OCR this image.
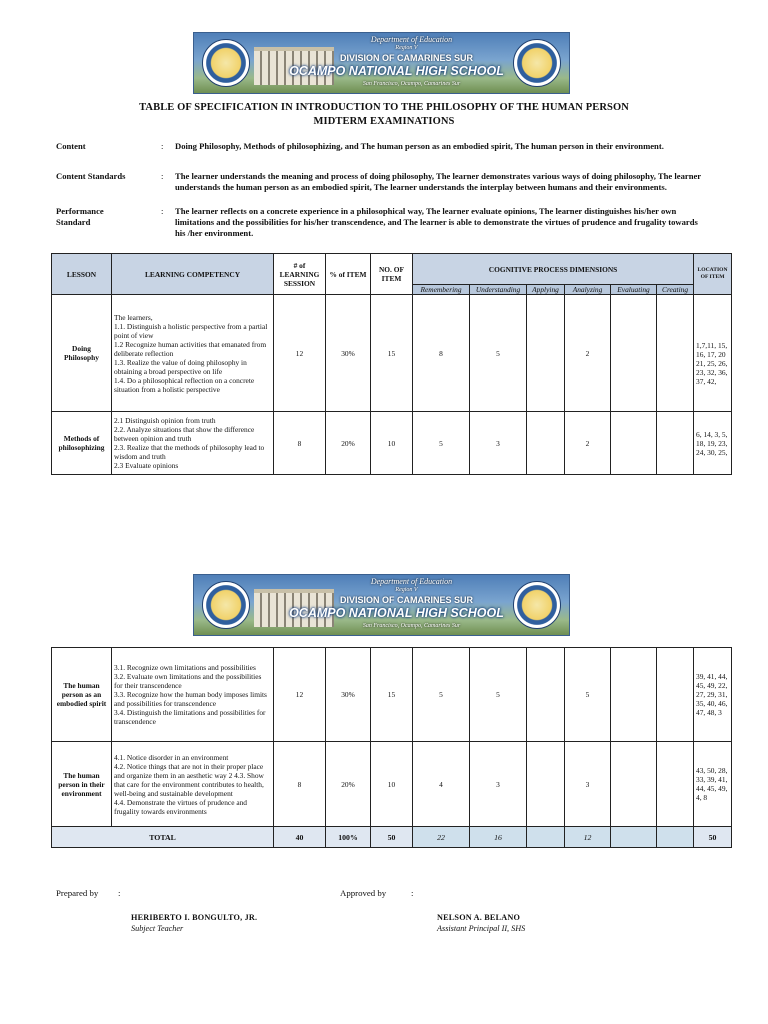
Department of Education
Region V
DIVISION OF CAMARINES SUR
OCAMPO NATIONAL HIGH SCHOOL
San Francisco, Ocampo, Camarines Sur
TABLE OF SPECIFICATION IN INTRODUCTION TO THE PHILOSOPHY OF THE HUMAN PERSON
MIDTERM EXAMINATIONS
Content	: Doing Philosophy, Methods of philosophizing, and The human person as an embodied spirit, The human person in their environment.
Content Standards	: The learner understands the meaning and process of doing philosophy, The learner demonstrates various ways of doing philosophy, The learner understands the human person as an embodied spirit, The learner understands the interplay between humans and their environments.
Performance
Standard
: The learner reflects on a concrete experience in a philosophical way, The learner evaluate opinions, The learner distinguishes his/her own limitations and the possibilities for his/her transcendence, and The learner is able to demonstrate the virtues of prudence and frugality towards his /her environment.
LESSON	LEARNING COMPETENCY	# of LEARNING SESSION	% of ITEM	NO. OF ITEM	COGNITIVE PROCESS DIMENSIONS						LOCATION OF ITEM
					Remembering	Understanding	Applying	Analyzing	Evaluating	Creating	
Doing Philosophy	The learners,
1.1. Distinguish a holistic perspective from a partial point of view
1.2 Recognize human activities that emanated from deliberate reflection
1.3. Realize the value of doing philosophy in obtaining a broad perspective on life
1.4. Do a philosophical reflection on a concrete situation from a holistic perspective	12	30%	15	8	5		2			1,7,11, 15, 16, 17, 20 21, 25, 26, 23, 32, 36, 37, 42,
Methods of philosophizing	2.1 Distinguish opinion from truth
2.2. Analyze situations that show the difference between opinion and truth
2.3. Realize that the methods of philosophy lead to wisdom and truth
2.3 Evaluate opinions	8	20%	10	5	3		2			6, 14, 3, 5, 18, 19, 23, 24, 30, 25,
Department of Education
Region V
DIVISION OF CAMARINES SUR
OCAMPO NATIONAL HIGH SCHOOL
San Francisco, Ocampo, Camarines Sur
The human person as an embodied spirit	3.1. Recognize own limitations and possibilities
3.2. Evaluate own limitations and the possibilities for their transcendence
3.3. Recognize how the human body imposes limits and possibilities for transcendence
3.4. Distinguish the limitations and possibilities for transcendence	12	30%	15	5	5		5			39, 41, 44, 45, 49, 22, 27, 29, 31, 35, 40, 46, 47, 48, 3
The human person in their environment	4.1. Notice disorder in an environment
4.2. Notice things that are not in their proper place and organize them in an aesthetic way 2 4.3. Show that care for the environment contributes to health, well-being and sustainable development
4.4. Demonstrate the virtues of prudence and frugality towards environments	8	20%	10	4	3		3			43, 50, 28, 33, 39, 41, 44, 45, 49, 4, 8
TOTAL		40	100%	50	22	16		12			50
Prepared by :	Approved by	:
HERIBERTO I. BONGULTO, JR.
Subject Teacher
NELSON A. BELANO
Assistant Principal II, SHS
